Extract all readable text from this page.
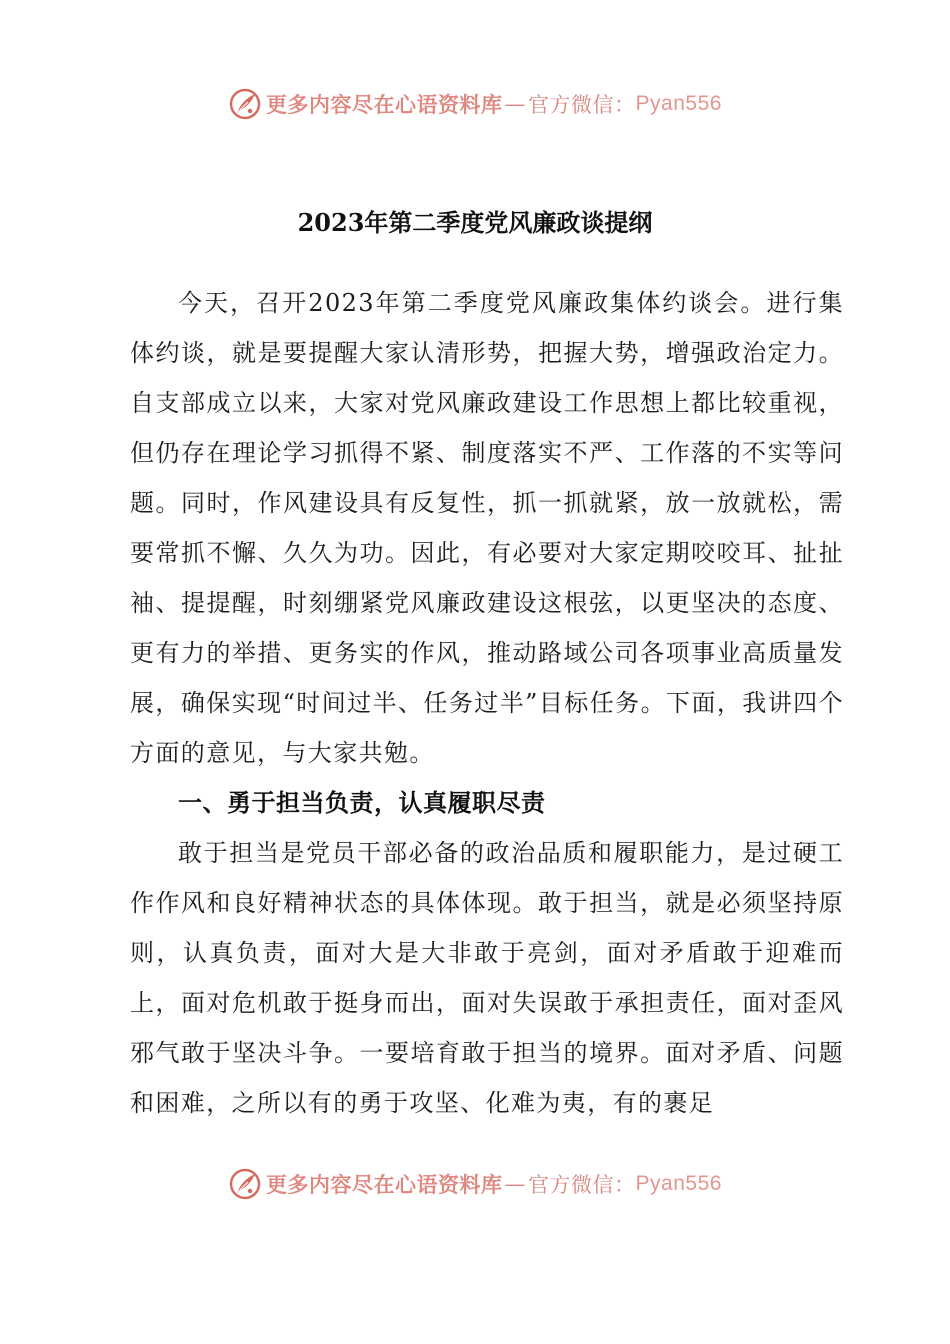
更多内容尽在心语资料库 — 官方微信： Pyan556
2023年第二季度党风廉政谈提纲

今天，召开2023年第二季度党风廉政集体约谈会。进行集体约谈，就是要提醒大家认清形势，把握大势，增强政治定力。自支部成立以来，大家对党风廉政建设工作思想上都比较重视，但仍存在理论学习抓得不紧、制度落实不严、工作落的不实等问题。同时，作风建设具有反复性，抓一抓就紧，放一放就松，需要常抓不懈、久久为功。因此，有必要对大家定期咬咬耳、扯扯袖、提提醒，时刻绷紧党风廉政建设这根弦，以更坚决的态度、更有力的举措、更务实的作风，推动路域公司各项事业高质量发展，确保实现“时间过半、任务过半”目标任务。下面，我讲四个方面的意见，与大家共勉。

一、勇于担当负责，认真履职尽责

敢于担当是党员干部必备的政治品质和履职能力，是过硬工作作风和良好精神状态的具体体现。敢于担当，就是必须坚持原则，认真负责，面对大是大非敢于亮剑，面对矛盾敢于迎难而上，面对危机敢于挺身而出，面对失误敢于承担责任，面对歪风邪气敢于坚决斗争。一要培育敢于担当的境界。面对矛盾、问题和困难，之所以有的勇于攻坚、化难为夷，有的裹足

更多内容尽在心语资料库 — 官方微信： Pyan556
